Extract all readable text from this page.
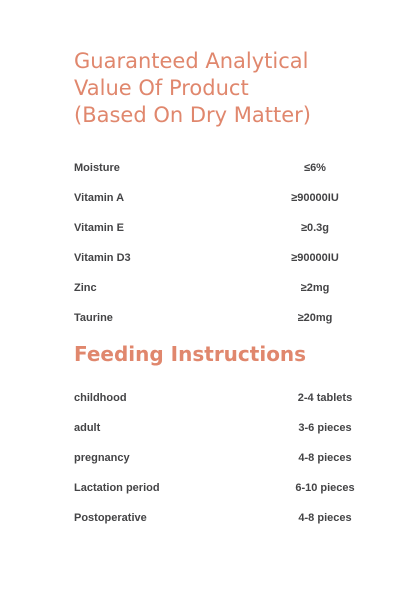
Guaranteed Analytical
Value Of Product
(Based On Dry Matter)
Moisture	≤6%
Vitamin A	≥90000IU
Vitamin E	≥0.3g
Vitamin D3	≥90000IU
Zinc	≥2mg
Taurine	≥20mg
Feeding Instructions
childhood	2-4 tablets
adult	3-6 pieces
pregnancy	4-8 pieces
Lactation period	6-10 pieces
Postoperative	4-8 pieces
